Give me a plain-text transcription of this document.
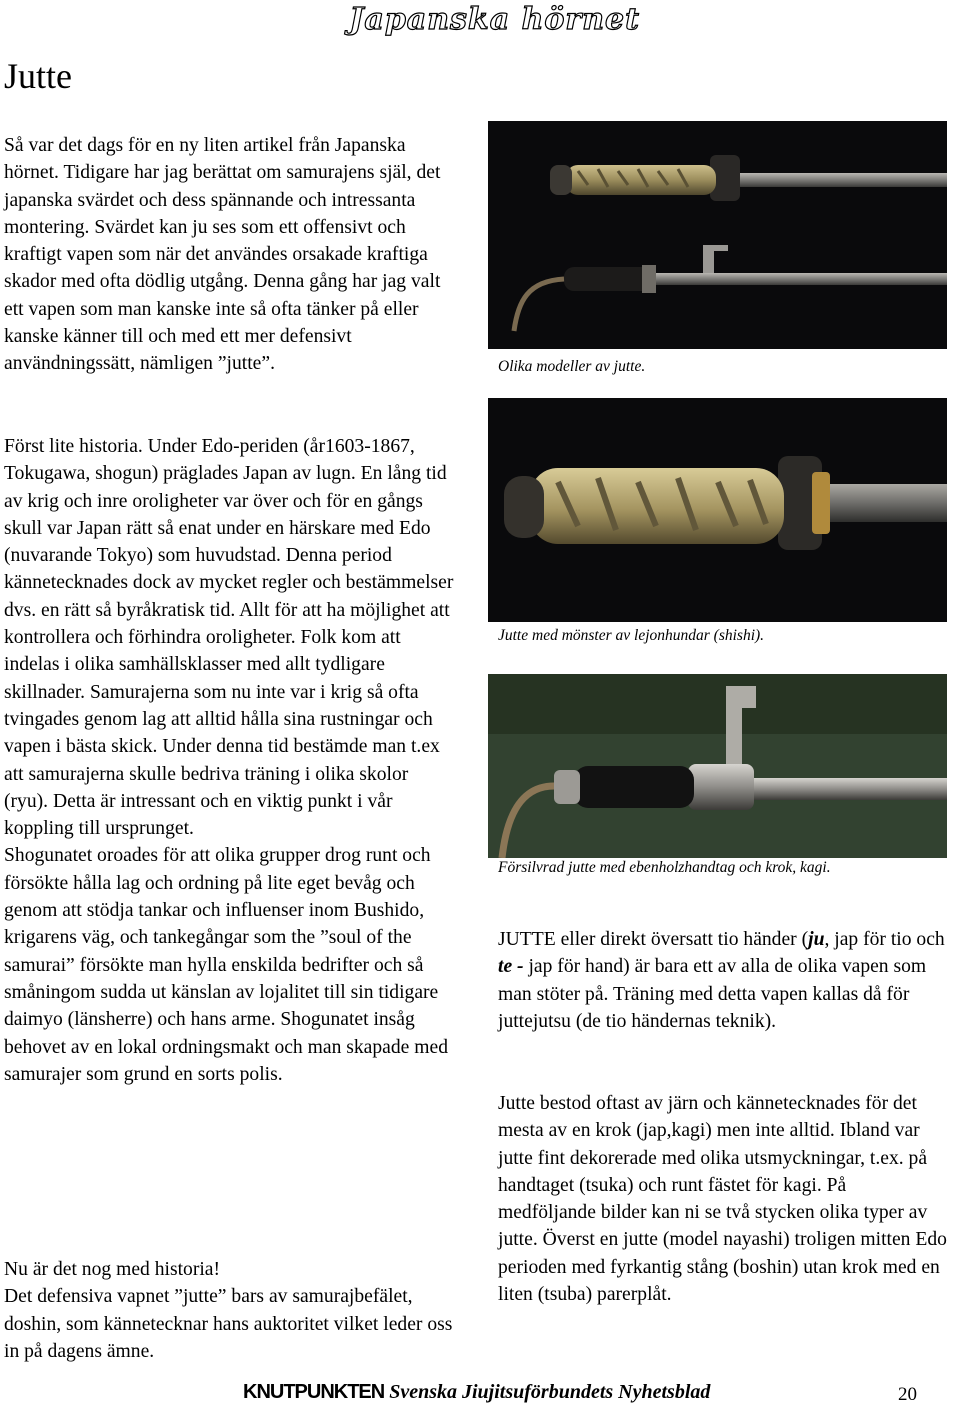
Japanska hörnet
Jutte

Så var det dags för en ny liten artikel från Japanska hörnet. Tidigare har jag berättat om samurajens själ, det japanska svärdet och dess spännande och intressanta montering. Svärdet kan ju ses som ett offensivt och kraftigt vapen som när det användes orsakade kraftiga skador med ofta dödlig utgång. Denna gång har jag valt ett vapen som man kanske inte så ofta tänker på eller kanske känner till och med ett mer defensivt användningssätt, nämligen ”jutte”.

Först lite historia. Under Edo-periden (år1603-1867, Tokugawa, shogun) präglades Japan av lugn. En lång tid av krig och inre oroligheter var över och för en gångs skull var Japan rätt så enat under en härskare med Edo (nuvarande Tokyo) som huvudstad. Denna period kännetecknades dock av mycket regler och bestämmelser dvs. en rätt så byråkratisk tid. Allt för att ha möjlighet att kontrollera och förhindra oroligheter. Folk kom att indelas i olika samhällsklasser med allt tydligare skillnader. Samurajerna som nu inte var i krig så ofta tvingades genom lag att alltid hålla sina rustningar och vapen i bästa skick. Under denna tid bestämde man t.ex att samurajerna skulle bedriva träning i olika skolor (ryu). Detta är intressant och en viktig punkt i vår koppling till ursprunget.

Shogunatet oroades för att olika grupper drog runt och försökte hålla lag och ordning på lite eget bevåg och genom att stödja tankar och influenser inom Bushido, krigarens väg, och tankegångar som the ”soul of the samurai” försökte man hylla enskilda bedrifter och så småningom sudda ut känslan av lojalitet till sin tidigare daimyo (länsherre) och hans arme. Shogunatet insåg behovet av en lokal ordningsmakt och man skapade med samurajer som grund en sorts polis.

Nu är det nog med historia!

Det defensiva vapnet ”jutte” bars av samurajbefälet, doshin, som kännetecknar hans auktoritet vilket leder oss in på dagens ämne.

Olika modeller av jutte.
Jutte med mönster av lejonhundar (shishi).
Försilvrad jutte med ebenholzhandtag och krok, kagi.

JUTTE eller direkt översatt tio händer (ju, jap för tio och te - jap för hand) är bara ett av alla de olika vapen som man stöter på. Träning med detta vapen kallas då för juttejutsu (de tio händernas teknik).

Jutte bestod oftast av järn och kännetecknades för det mesta av en krok (jap,kagi) men inte alltid. Ibland var jutte fint dekorerade med olika utsmyckningar, t.ex. på handtaget (tsuka) och runt fästet för kagi. På medföljande bilder kan ni se två stycken olika typer av jutte. Överst en jutte (model nayashi) troligen mitten Edo perioden med fyrkantig stång (boshin) utan krok med en liten (tsuba) parerplåt.

KNUTPUNKTEN Svenska Jiujitsuförbundets Nyhetsblad	20
